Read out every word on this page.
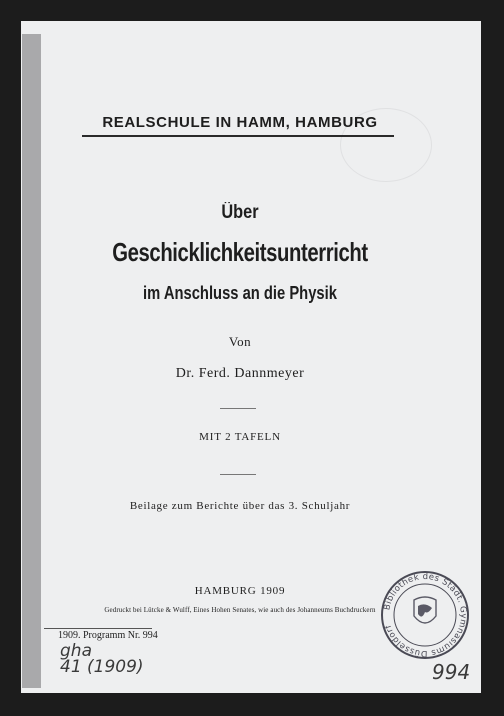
REALSCHULE IN HAMM, HAMBURG
Über
Geschicklichkeitsunterricht
im Anschluss an die Physik
Von
Dr. Ferd. Dannmeyer
MIT 2 TAFELN
Beilage zum Berichte über das 3. Schuljahr
HAMBURG 1909
Gedruckt bei Lütcke & Wulff, Eines Hohen Senates, wie auch des Johanneums Buchdruckern
1909. Programm Nr. 994
gha
41 (1909)	994
Bibliothek des Städt. Gymnasiums Düsseldorf
